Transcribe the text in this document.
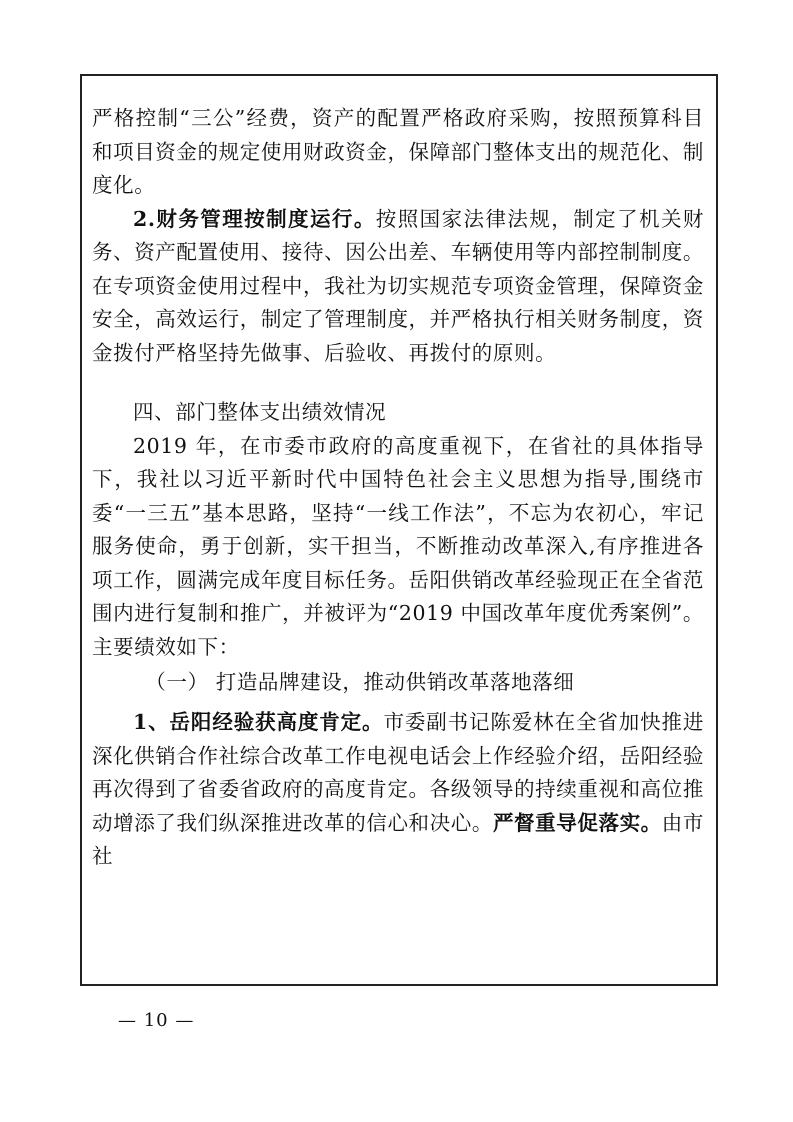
严格控制“三公”经费，资产的配置严格政府采购，按照预算科目和项目资金的规定使用财政资金，保障部门整体支出的规范化、制度化。

2.财务管理按制度运行。按照国家法律法规，制定了机关财务、资产配置使用、接待、因公出差、车辆使用等内部控制制度。在专项资金使用过程中，我社为切实规范专项资金管理，保障资金安全，高效运行，制定了管理制度，并严格执行相关财务制度，资金拨付严格坚持先做事、后验收、再拨付的原则。

四、部门整体支出绩效情况

2019 年，在市委市政府的高度重视下，在省社的具体指导下，我社以习近平新时代中国特色社会主义思想为指导,围绕市委“一三五”基本思路，坚持“一线工作法”，不忘为农初心，牢记服务使命，勇于创新，实干担当，不断推动改革深入,有序推进各项工作，圆满完成年度目标任务。岳阳供销改革经验现正在全省范围内进行复制和推广，并被评为“2019 中国改革年度优秀案例”。主要绩效如下：

（一） 打造品牌建设，推动供销改革落地落细

1、岳阳经验获高度肯定。市委副书记陈爱林在全省加快推进深化供销合作社综合改革工作电视电话会上作经验介绍，岳阳经验再次得到了省委省政府的高度肯定。各级领导的持续重视和高位推动增添了我们纵深推进改革的信心和决心。严督重导促落实。由市社

— 10 —
